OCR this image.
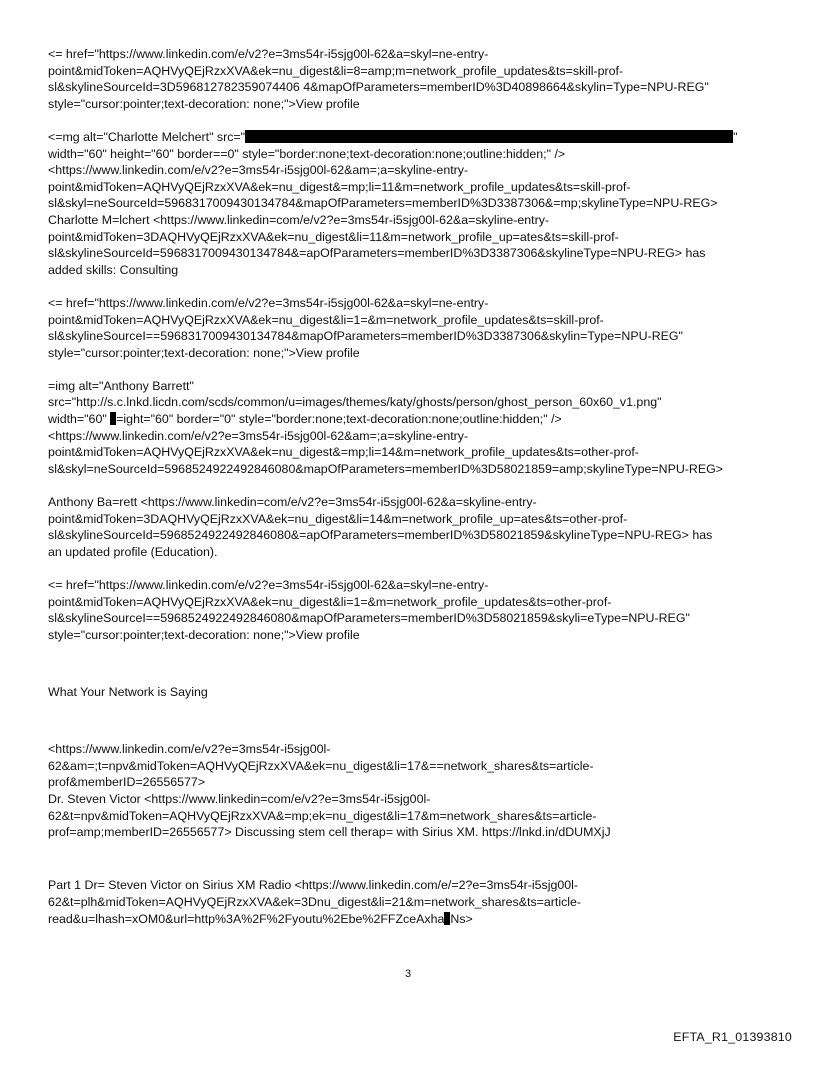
<= href="https://www.linkedin.com/e/v2?e=3ms54r-i5sjg00l-62&a=skyl=ne-entry-
point&midToken=AQHVyQEjRzxXVA&ek=nu_digest&li=8=amp;m=network_profile_updates&ts=skill-prof-
sl&skylineSourceId=3D596812782359074406 4&mapOfParameters=memberID%3D40898664&skylin=Type=NPU-REG"
style="cursor:pointer;text-decoration: none;">View profile

<=mg alt="Charlotte Melchert" src="	"
width="60" height="60" border==0" style="border:none;text-decoration:none;outline:hidden;" />
<https://www.linkedin.com/e/v2?e=3ms54r-i5sjg00l-62&am=;a=skyline-entry-
point&midToken=AQHVyQEjRzxXVA&ek=nu_digest&=mp;li=11&m=network_profile_updates&ts=skill-prof-
sl&skyl=neSourceId=5968317009430134784&mapOfParameters=memberID%3D3387306&=mp;skylineType=NPU-REG>
Charlotte M=lchert <https://www.linkedin=com/e/v2?e=3ms54r-i5sjg00l-62&a=skyline-entry-
point&midToken=3DAQHVyQEjRzxXVA&ek=nu_digest&li=11&m=network_profile_up=ates&ts=skill-prof-
sl&skylineSourceId=5968317009430134784&=apOfParameters=memberID%3D3387306&skylineType=NPU-REG> has
added skills: Consulting

<= href="https://www.linkedin.com/e/v2?e=3ms54r-i5sjg00l-62&a=skyl=ne-entry-
point&midToken=AQHVyQEjRzxXVA&ek=nu_digest&li=1=&m=network_profile_updates&ts=skill-prof-
sl&skylineSourceI==5968317009430134784&mapOfParameters=memberID%3D3387306&skylin=Type=NPU-REG"
style="cursor:pointer;text-decoration: none;">View profile

=img alt="Anthony Barrett"
src="http://s.c.lnkd.licdn.com/scds/common/u=images/themes/katy/ghosts/person/ghost_person_60x60_v1.png"
width="60" =ight="60" border="0" style="border:none;text-decoration:none;outline:hidden;" />
<https://www.linkedin.com/e/v2?e=3ms54r-i5sjg00l-62&am=;a=skyline-entry-
point&midToken=AQHVyQEjRzxXVA&ek=nu_digest&=mp;li=14&m=network_profile_updates&ts=other-prof-
sl&skyl=neSourceId=5968524922492846080&mapOfParameters=memberID%3D58021859=amp;skylineType=NPU-REG>

Anthony Ba=rett <https://www.linkedin=com/e/v2?e=3ms54r-i5sjg00l-62&a=skyline-entry-
point&midToken=3DAQHVyQEjRzxXVA&ek=nu_digest&li=14&m=network_profile_up=ates&ts=other-prof-
sl&skylineSourceId=5968524922492846080&=apOfParameters=memberID%3D58021859&skylineType=NPU-REG> has
an updated profile (Education).

<= href="https://www.linkedin.com/e/v2?e=3ms54r-i5sjg00l-62&a=skyl=ne-entry-
point&midToken=AQHVyQEjRzxXVA&ek=nu_digest&li=1=&m=network_profile_updates&ts=other-prof-
sl&skylineSourceI==5968524922492846080&mapOfParameters=memberID%3D58021859&skyli=eType=NPU-REG"
style="cursor:pointer;text-decoration: none;">View profile

What Your Network is Saying

<https://www.linkedin.com/e/v2?e=3ms54r-i5sjg00l-
62&am=;t=npv&midToken=AQHVyQEjRzxXVA&ek=nu_digest&li=17&==network_shares&ts=article-
prof&memberID=26556577>
Dr. Steven Victor <https://www.linkedin=com/e/v2?e=3ms54r-i5sjg00l-
62&t=npv&midToken=AQHVyQEjRzxXVA&=mp;ek=nu_digest&li=17&m=network_shares&ts=article-
prof=amp;memberID=26556577> Discussing stem cell therap= with Sirius XM. https://lnkd.in/dDUMXjJ

Part 1 Dr= Steven Victor on Sirius XM Radio <https://www.linkedin.com/e/=2?e=3ms54r-i5sjg00l-
62&t=plh&midToken=AQHVyQEjRzxXVA&ek=3Dnu_digest&li=21&m=network_shares&ts=article-
read&u=lhash=xOM0&url=http%3A%2F%2Fyoutu%2Ebe%2FFZceAxha Ns>

3
EFTA_R1_01393810
